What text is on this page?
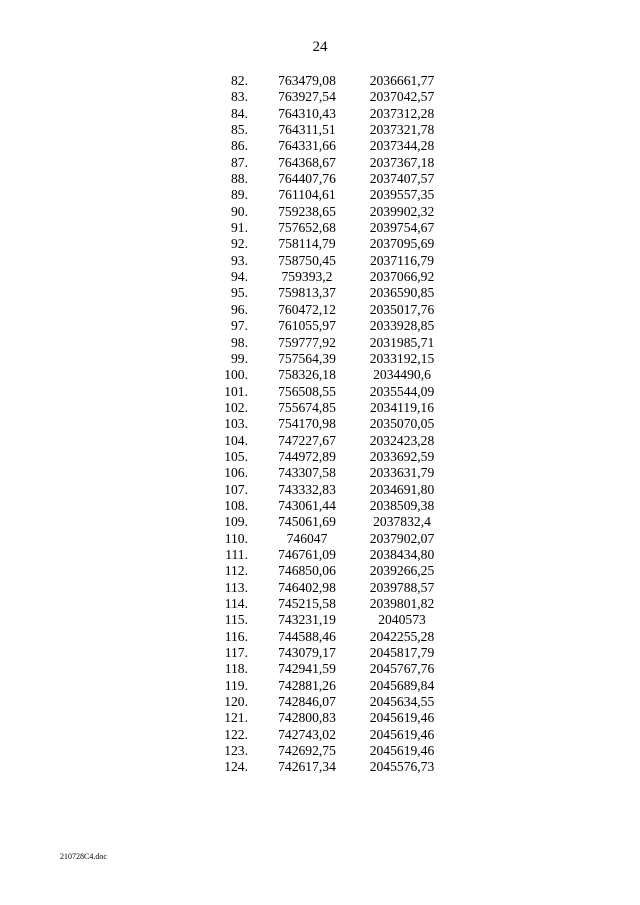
24
82.	763479,08	2036661,77
83.	763927,54	2037042,57
84.	764310,43	2037312,28
85.	764311,51	2037321,78
86.	764331,66	2037344,28
87.	764368,67	2037367,18
88.	764407,76	2037407,57
89.	761104,61	2039557,35
90.	759238,65	2039902,32
91.	757652,68	2039754,67
92.	758114,79	2037095,69
93.	758750,45	2037116,79
94.	759393,2	2037066,92
95.	759813,37	2036590,85
96.	760472,12	2035017,76
97.	761055,97	2033928,85
98.	759777,92	2031985,71
99.	757564,39	2033192,15
100.	758326,18	2034490,6
101.	756508,55	2035544,09
102.	755674,85	2034119,16
103.	754170,98	2035070,05
104.	747227,67	2032423,28
105.	744972,89	2033692,59
106.	743307,58	2033631,79
107.	743332,83	2034691,80
108.	743061,44	2038509,38
109.	745061,69	2037832,4
110.	746047	2037902,07
111.	746761,09	2038434,80
112.	746850,06	2039266,25
113.	746402,98	2039788,57
114.	745215,58	2039801,82
115.	743231,19	2040573
116.	744588,46	2042255,28
117.	743079,17	2045817,79
118.	742941,59	2045767,76
119.	742881,26	2045689,84
120.	742846,07	2045634,55
121.	742800,83	2045619,46
122.	742743,02	2045619,46
123.	742692,75	2045619,46
124.	742617,34	2045576,73
210728C4.doc
